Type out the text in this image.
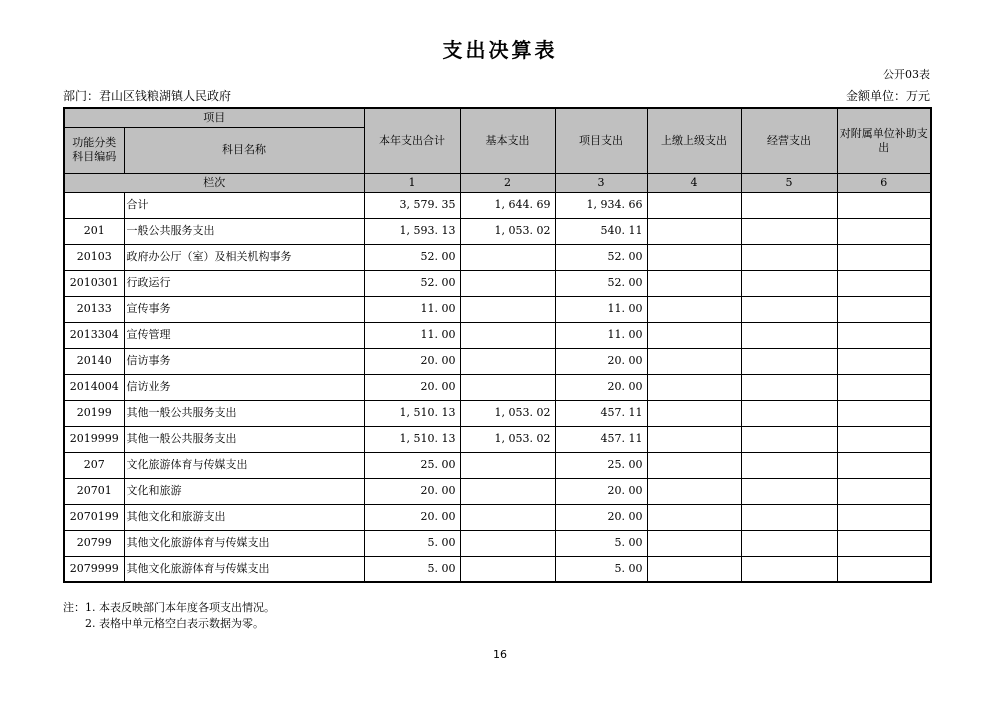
支出决算表
公开03表
部门：君山区钱粮湖镇人民政府	金额单位：万元
项目		本年支出合计	基本支出	项目支出	上缴上级支出	经营支出	对附属单位补助支出
功能分类
科目编码	科目名称						
栏次		1	2	3	4	5	6
	合计	3, 579. 35	1, 644. 69	1, 934. 66			
201	一般公共服务支出	1, 593. 13	1, 053. 02	540. 11			
20103	政府办公厅（室）及相关机构事务	52. 00		52. 00			
2010301	行政运行	52. 00		52. 00			
20133	宣传事务	11. 00		11. 00			
2013304	宣传管理	11. 00		11. 00			
20140	信访事务	20. 00		20. 00			
2014004	信访业务	20. 00		20. 00			
20199	其他一般公共服务支出	1, 510. 13	1, 053. 02	457. 11			
2019999	其他一般公共服务支出	1, 510. 13	1, 053. 02	457. 11			
207	文化旅游体育与传媒支出	25. 00		25. 00			
20701	文化和旅游	20. 00		20. 00			
2070199	其他文化和旅游支出	20. 00		20. 00			
20799	其他文化旅游体育与传媒支出	5. 00		5. 00			
2079999	其他文化旅游体育与传媒支出	5. 00		5. 00			
注：1. 本表反映部门本年度各项支出情况。
2. 表格中单元格空白表示数据为零。
16
